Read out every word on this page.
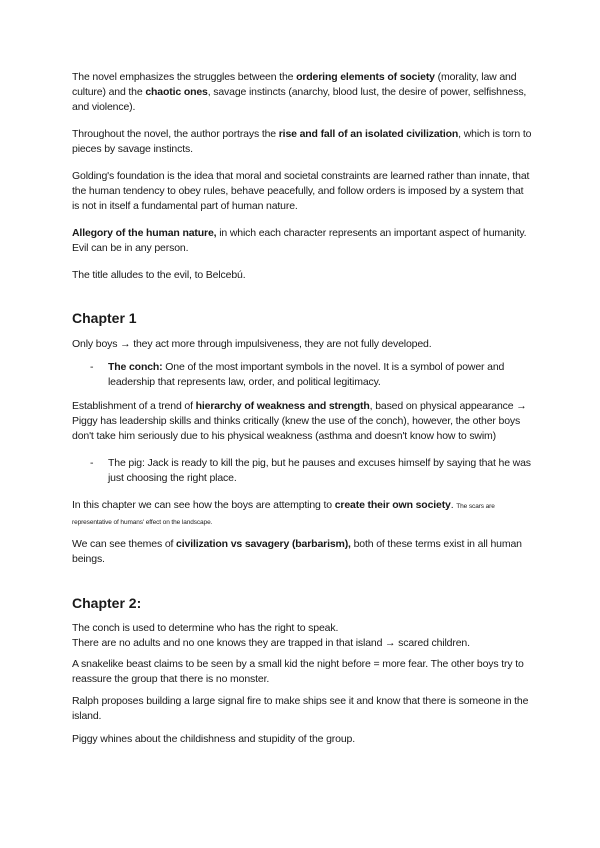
The novel emphasizes the struggles between the ordering elements of society (morality, law and culture) and the chaotic ones, savage instincts (anarchy, blood lust, the desire of power, selfishness, and violence).

Throughout the novel, the author portrays the rise and fall of an isolated civilization, which is torn to pieces by savage instincts.

Golding's foundation is the idea that moral and societal constraints are learned rather than innate, that the human tendency to obey rules, behave peacefully, and follow orders is imposed by a system that is not in itself a fundamental part of human nature.

Allegory of the human nature, in which each character represents an important aspect of humanity. Evil can be in any person.

The title alludes to the evil, to Belcebú.

Chapter 1

Only boys → they act more through impulsiveness, they are not fully developed.

- The conch: One of the most important symbols in the novel. It is a symbol of power and leadership that represents law, order, and political legitimacy.

Establishment of a trend of hierarchy of weakness and strength, based on physical appearance → Piggy has leadership skills and thinks critically (knew the use of the conch), however, the other boys don't take him seriously due to his physical weakness (asthma and doesn't know how to swim)

- The pig: Jack is ready to kill the pig, but he pauses and excuses himself by saying that he was just choosing the right place.

In this chapter we can see how the boys are attempting to create their own society. The scars are representative of humans' effect on the landscape.

We can see themes of civilization vs savagery (barbarism), both of these terms exist in all human beings.

Chapter 2:

The conch is used to determine who has the right to speak.

There are no adults and no one knows they are trapped in that island → scared children.

A snakelike beast claims to be seen by a small kid the night before = more fear. The other boys try to reassure the group that there is no monster.

Ralph proposes building a large signal fire to make ships see it and know that there is someone in the island.

Piggy whines about the childishness and stupidity of the group.
